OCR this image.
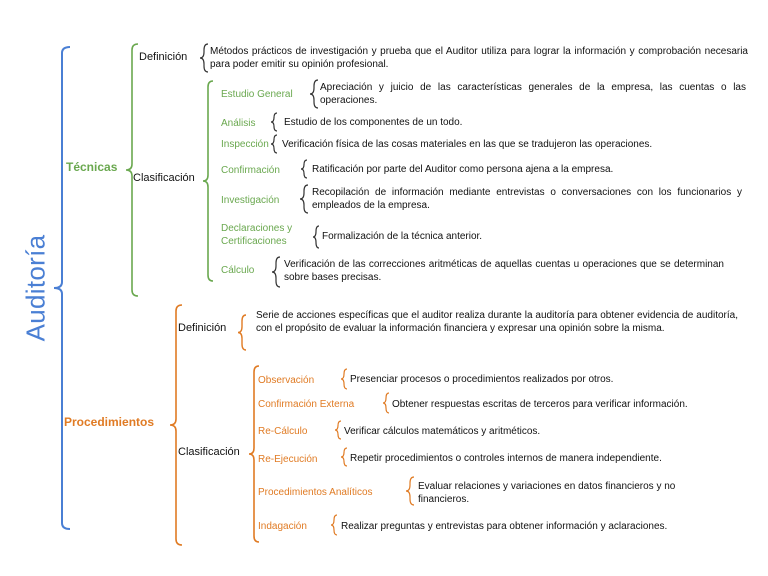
Auditoría
Técnicas
Definición Métodos prácticos de investigación y prueba que el Auditor utiliza para lograr la información y comprobación necesaria para poder emitir su opinión profesional.
Clasificación
Estudio General
Apreciación y juicio de las características generales de la empresa, las cuentas o las operaciones.
Análisis	Estudio de los componentes de un todo.
Inspección Verificación física de las cosas materiales en las que se tradujeron las operaciones.
Confirmación	Ratificación por parte del Auditor como persona ajena a la empresa.
Investigación
Recopilación de información mediante entrevistas o conversaciones con los funcionarios y empleados de la empresa.
Declaraciones y Certificaciones	Formalización de la técnica anterior.
Cálculo
Verificación de las correcciones aritméticas de aquellas cuentas u operaciones que se determinan sobre bases precisas.
Procedimientos
Definición
Serie de acciones específicas que el auditor realiza durante la auditoría para obtener evidencia de auditoría, con el propósito de evaluar la información financiera y expresar una opinión sobre la misma.
Clasificación
Observación	Presenciar procesos o procedimientos realizados por otros.
Confirmación Externa	Obtener respuestas escritas de terceros para verificar información.
Re-Cálculo	Verificar cálculos matemáticos y aritméticos.
Re-Ejecución	Repetir procedimientos o controles internos de manera independiente.
Procedimientos Analíticos
Evaluar relaciones y variaciones en datos financieros y no financieros.
Indagación	Realizar preguntas y entrevistas para obtener información y aclaraciones.
